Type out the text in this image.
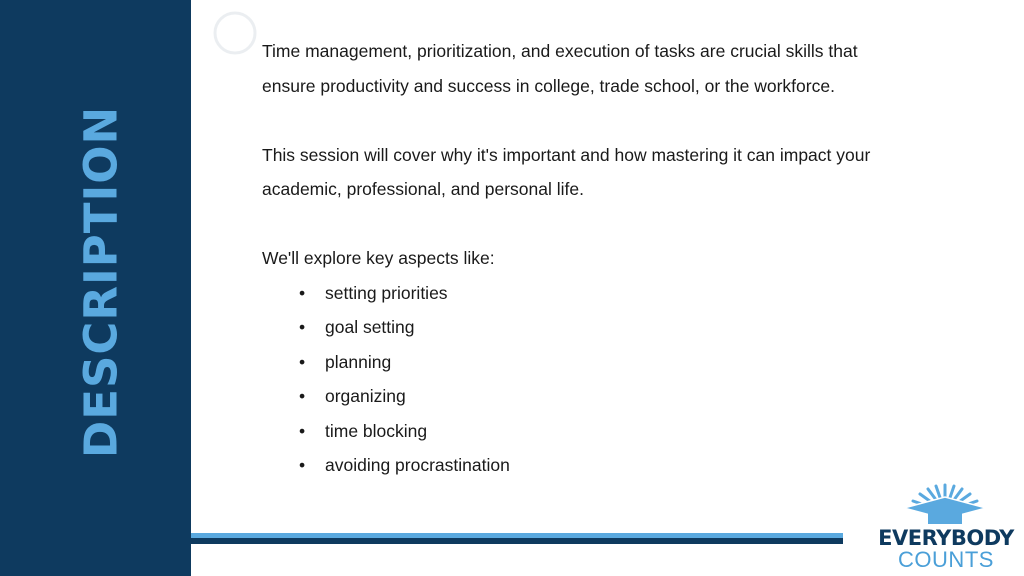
DESCRIPTION

Time management, prioritization, and execution of tasks are crucial skills that

ensure productivity and success in college, trade school, or the workforce.

This session will cover why it's important and how mastering it can impact your

academic, professional, and personal life.

We'll explore key aspects like:

• setting priorities
• goal setting
• planning
• organizing
• time blocking
• avoiding procrastination
EVERYBODY
COUNTS
